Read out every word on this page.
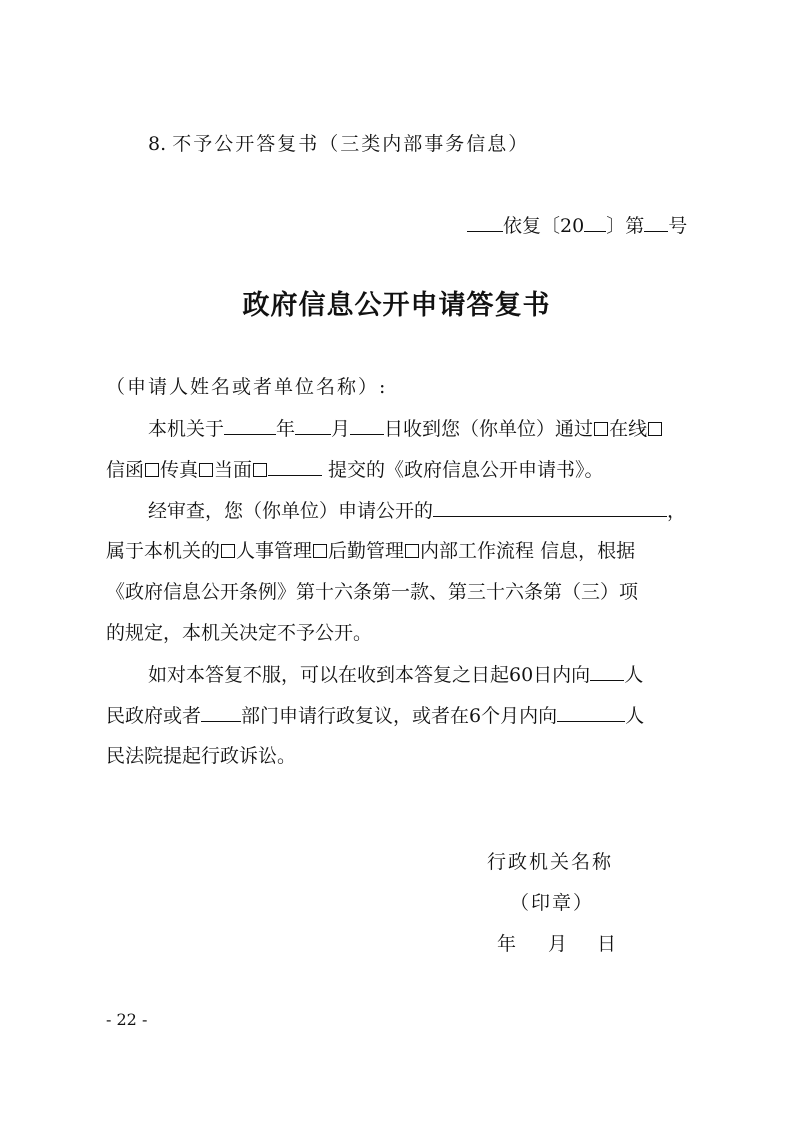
8. 不予公开答复书（三类内部事务信息）
依复〔20 〕第 号
政府信息公开申请答复书
（申请人姓名或者单位名称）:
本机关于	年 月 日收到您（你单位）通过 在线
信函 传真 当面	提交的《政府信息公开申请书》。
经审查，您（你单位）申请公开的	，
属于本机关的 人事管理 后勤管理 内部工作流程 信息，根据
《政府信息公开条例》第十六条第一款、第三十六条第（三）项
的规定，本机关决定不予公开。
如对本答复不服，可以在收到本答复之日起60日内向 人
民政府或者 部门申请行政复议，或者在6个月内向	人
民法院提起行政诉讼。
行政机关名称
（印章）
年 月 日
- 22 -
